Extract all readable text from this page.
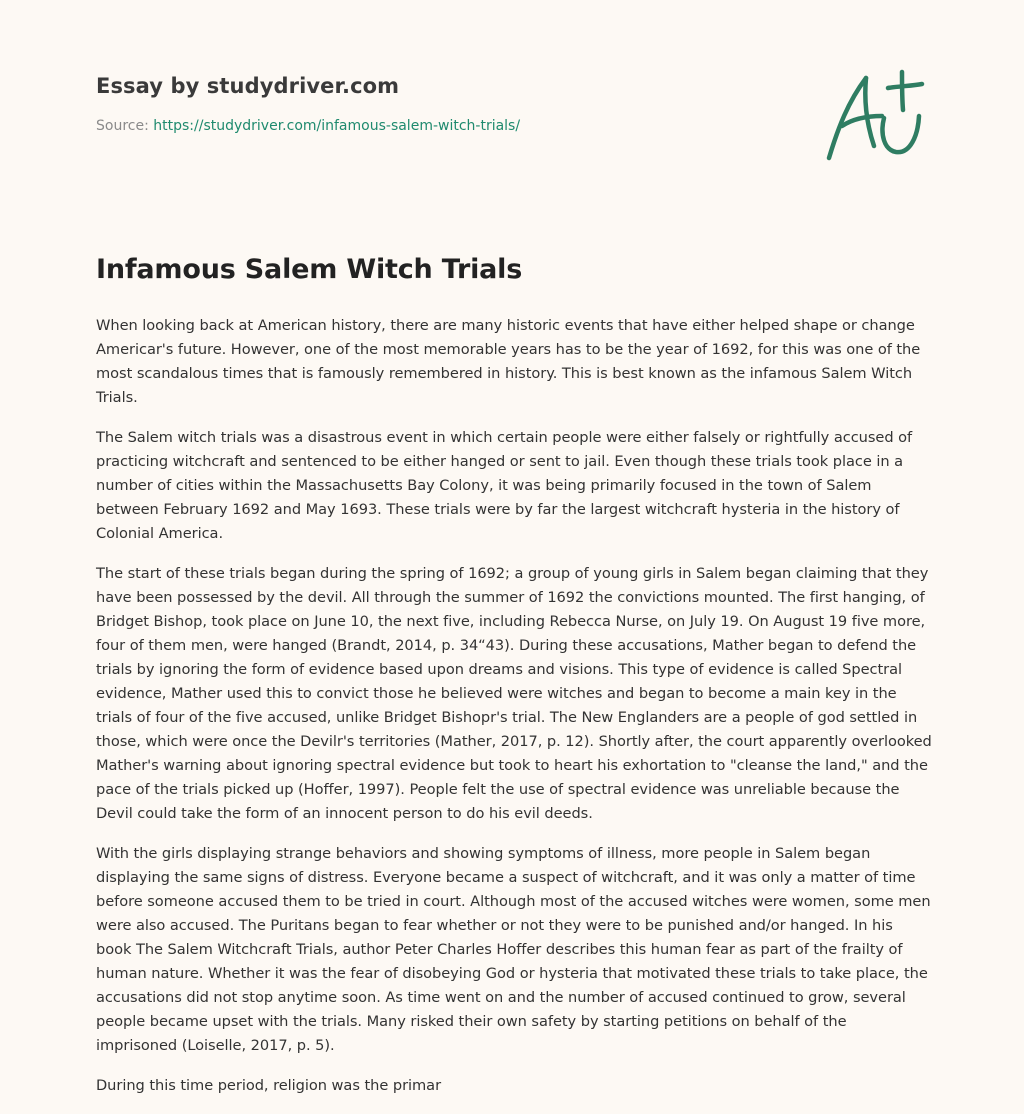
Essay by studydriver.com
Source: https://studydriver.com/infamous-salem-witch-trials/
Infamous Salem Witch Trials

When looking back at American history, there are many historic events that have either helped shape or change Americar's future. However, one of the most memorable years has to be the year of 1692, for this was one of the most scandalous times that is famously remembered in history. This is best known as the infamous Salem Witch Trials.

The Salem witch trials was a disastrous event in which certain people were either falsely or rightfully accused of practicing witchcraft and sentenced to be either hanged or sent to jail. Even though these trials took place in a number of cities within the Massachusetts Bay Colony, it was being primarily focused in the town of Salem between February 1692 and May 1693. These trials were by far the largest witchcraft hysteria in the history of Colonial America.

The start of these trials began during the spring of 1692; a group of young girls in Salem began claiming that they have been possessed by the devil. All through the summer of 1692 the convictions mounted. The first hanging, of Bridget Bishop, took place on June 10, the next five, including Rebecca Nurse, on July 19. On August 19 five more, four of them men, were hanged (Brandt, 2014, p. 34“43). During these accusations, Mather began to defend the trials by ignoring the form of evidence based upon dreams and visions. This type of evidence is called Spectral evidence, Mather used this to convict those he believed were witches and began to become a main key in the trials of four of the five accused, unlike Bridget Bishopr's trial. The New Englanders are a people of god settled in those, which were once the Devilr's territories (Mather, 2017, p. 12). Shortly after, the court apparently overlooked Mather's warning about ignoring spectral evidence but took to heart his exhortation to "cleanse the land," and the pace of the trials picked up (Hoffer, 1997). People felt the use of spectral evidence was unreliable because the Devil could take the form of an innocent person to do his evil deeds.

With the girls displaying strange behaviors and showing symptoms of illness, more people in Salem began displaying the same signs of distress. Everyone became a suspect of witchcraft, and it was only a matter of time before someone accused them to be tried in court. Although most of the accused witches were women, some men were also accused. The Puritans began to fear whether or not they were to be punished and/or hanged. In his book The Salem Witchcraft Trials, author Peter Charles Hoffer describes this human fear as part of the frailty of human nature. Whether it was the fear of disobeying God or hysteria that motivated these trials to take place, the accusations did not stop anytime soon. As time went on and the number of accused continued to grow, several people became upset with the trials. Many risked their own safety by starting petitions on behalf of the imprisoned (Loiselle, 2017, p. 5).

During this time period, religion was the primar
